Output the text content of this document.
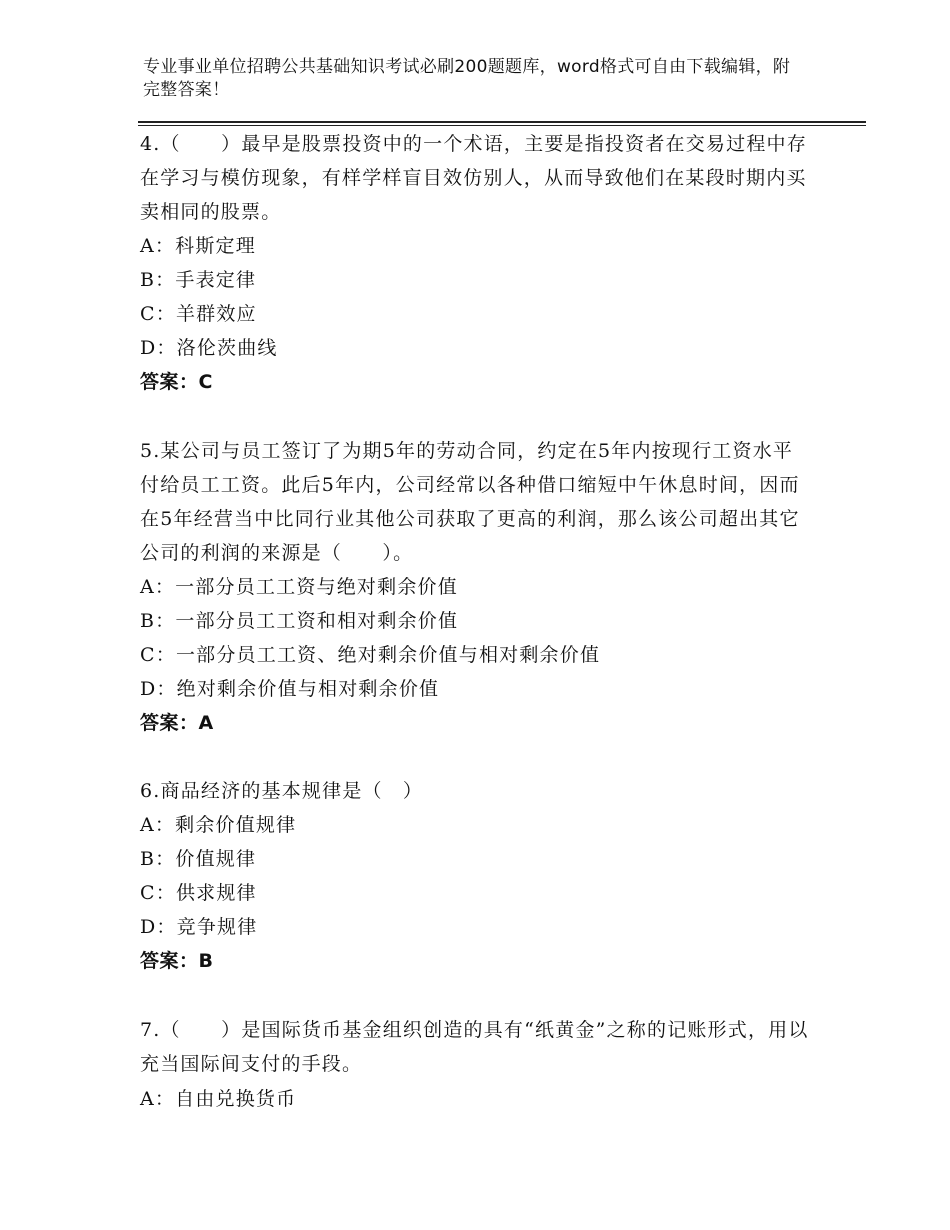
专业事业单位招聘公共基础知识考试必刷200题题库，word格式可自由下载编辑，附完整答案！
4.（　　）最早是股票投资中的一个术语，主要是指投资者在交易过程中存在学习与模仿现象，有样学样盲目效仿别人，从而导致他们在某段时期内买卖相同的股票。
A：科斯定理
B：手表定律
C：羊群效应
D：洛伦茨曲线
答案：C
5.某公司与员工签订了为期5年的劳动合同，约定在5年内按现行工资水平付给员工工资。此后5年内，公司经常以各种借口缩短中午休息时间，因而在5年经营当中比同行业其他公司获取了更高的利润，那么该公司超出其它公司的利润的来源是（　　）。
A：一部分员工工资与绝对剩余价值
B：一部分员工工资和相对剩余价值
C：一部分员工工资、绝对剩余价值与相对剩余价值
D：绝对剩余价值与相对剩余价值
答案：A
6.商品经济的基本规律是（　）
A：剩余价值规律
B：价值规律
C：供求规律
D：竞争规律
答案：B
7.（　　）是国际货币基金组织创造的具有“纸黄金”之称的记账形式，用以充当国际间支付的手段。
A：自由兑换货币
